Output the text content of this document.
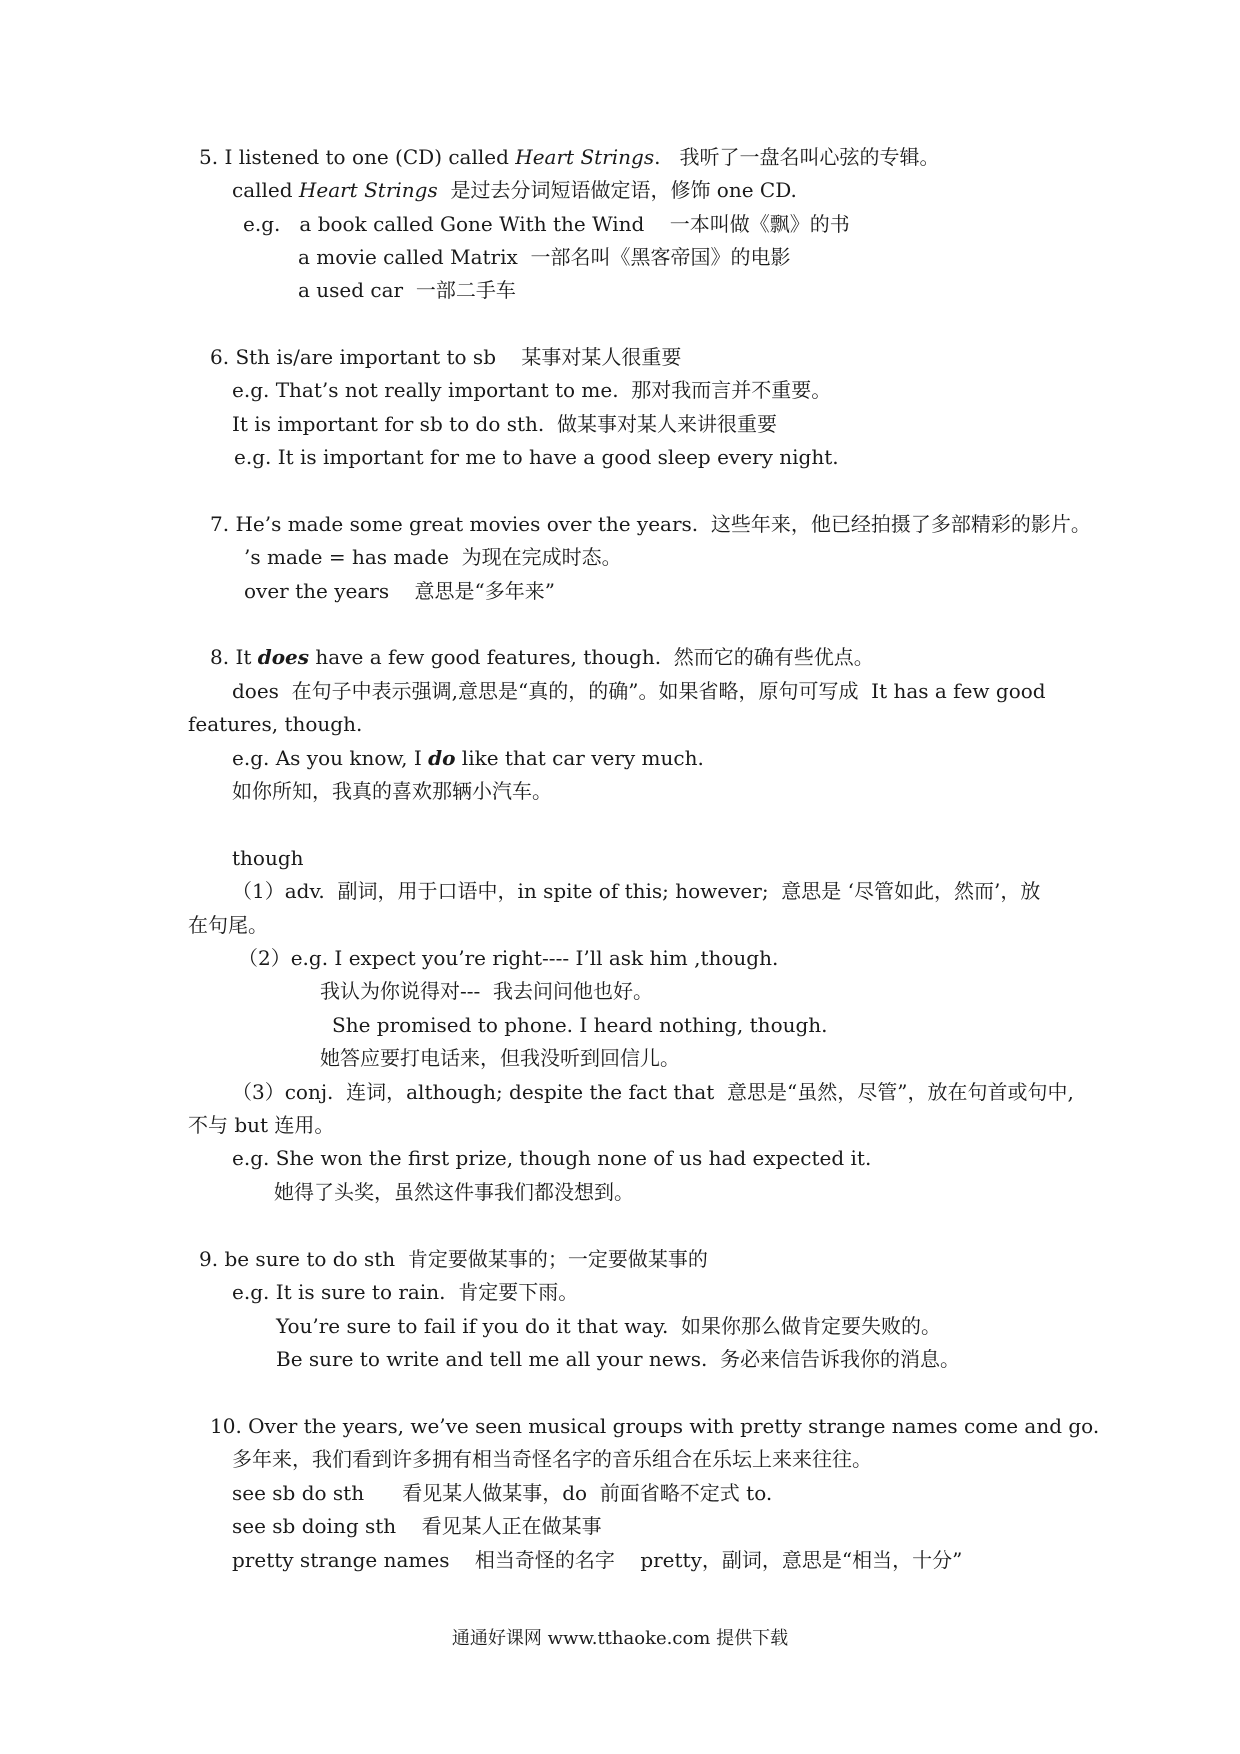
5. I listened to one (CD) called Heart Strings.   我听了一盘名叫心弦的专辑。
called Heart Strings  是过去分词短语做定语，修饰 one CD.
e.g.   a book called Gone With the Wind    一本叫做《飘》的书
a movie called Matrix  一部名叫《黑客帝国》的电影
a used car  一部二手车
6. Sth is/are important to sb    某事对某人很重要
e.g. That’s not really important to me.  那对我而言并不重要。
It is important for sb to do sth.  做某事对某人来讲很重要
e.g. It is important for me to have a good sleep every night.
7. He’s made some great movies over the years.  这些年来，他已经拍摄了多部精彩的影片。
’s made = has made  为现在完成时态。
over the years    意思是“多年来”
8. It does have a few good features, though.  然而它的确有些优点。
does  在句子中表示强调,意思是“真的，的确”。如果省略，原句可写成  It has a few good
features, though.
e.g. As you know, I do like that car very much.
如你所知，我真的喜欢那辆小汽车。
though
（1）adv.  副词，用于口语中，in spite of this; however;  意思是 ‘尽管如此，然而’，放
在句尾。
（2）e.g. I expect you’re right---- I’ll ask him ,though.
我认为你说得对---  我去问问他也好。
She promised to phone. I heard nothing, though.
她答应要打电话来，但我没听到回信儿。
（3）conj.  连词，although; despite the fact that  意思是“虽然，尽管”，放在句首或句中,
不与 but 连用。
e.g. She won the first prize, though none of us had expected it.
她得了头奖，虽然这件事我们都没想到。
9. be sure to do sth  肯定要做某事的；一定要做某事的
e.g. It is sure to rain.  肯定要下雨。
You’re sure to fail if you do it that way.  如果你那么做肯定要失败的。
Be sure to write and tell me all your news.  务必来信告诉我你的消息。
10. Over the years, we’ve seen musical groups with pretty strange names come and go.
多年来，我们看到许多拥有相当奇怪名字的音乐组合在乐坛上来来往往。
see sb do sth      看见某人做某事，do  前面省略不定式 to.
see sb doing sth    看见某人正在做某事
pretty strange names    相当奇怪的名字    pretty，副词，意思是“相当，十分”
通通好课网 www.tthaoke.com 提供下载
